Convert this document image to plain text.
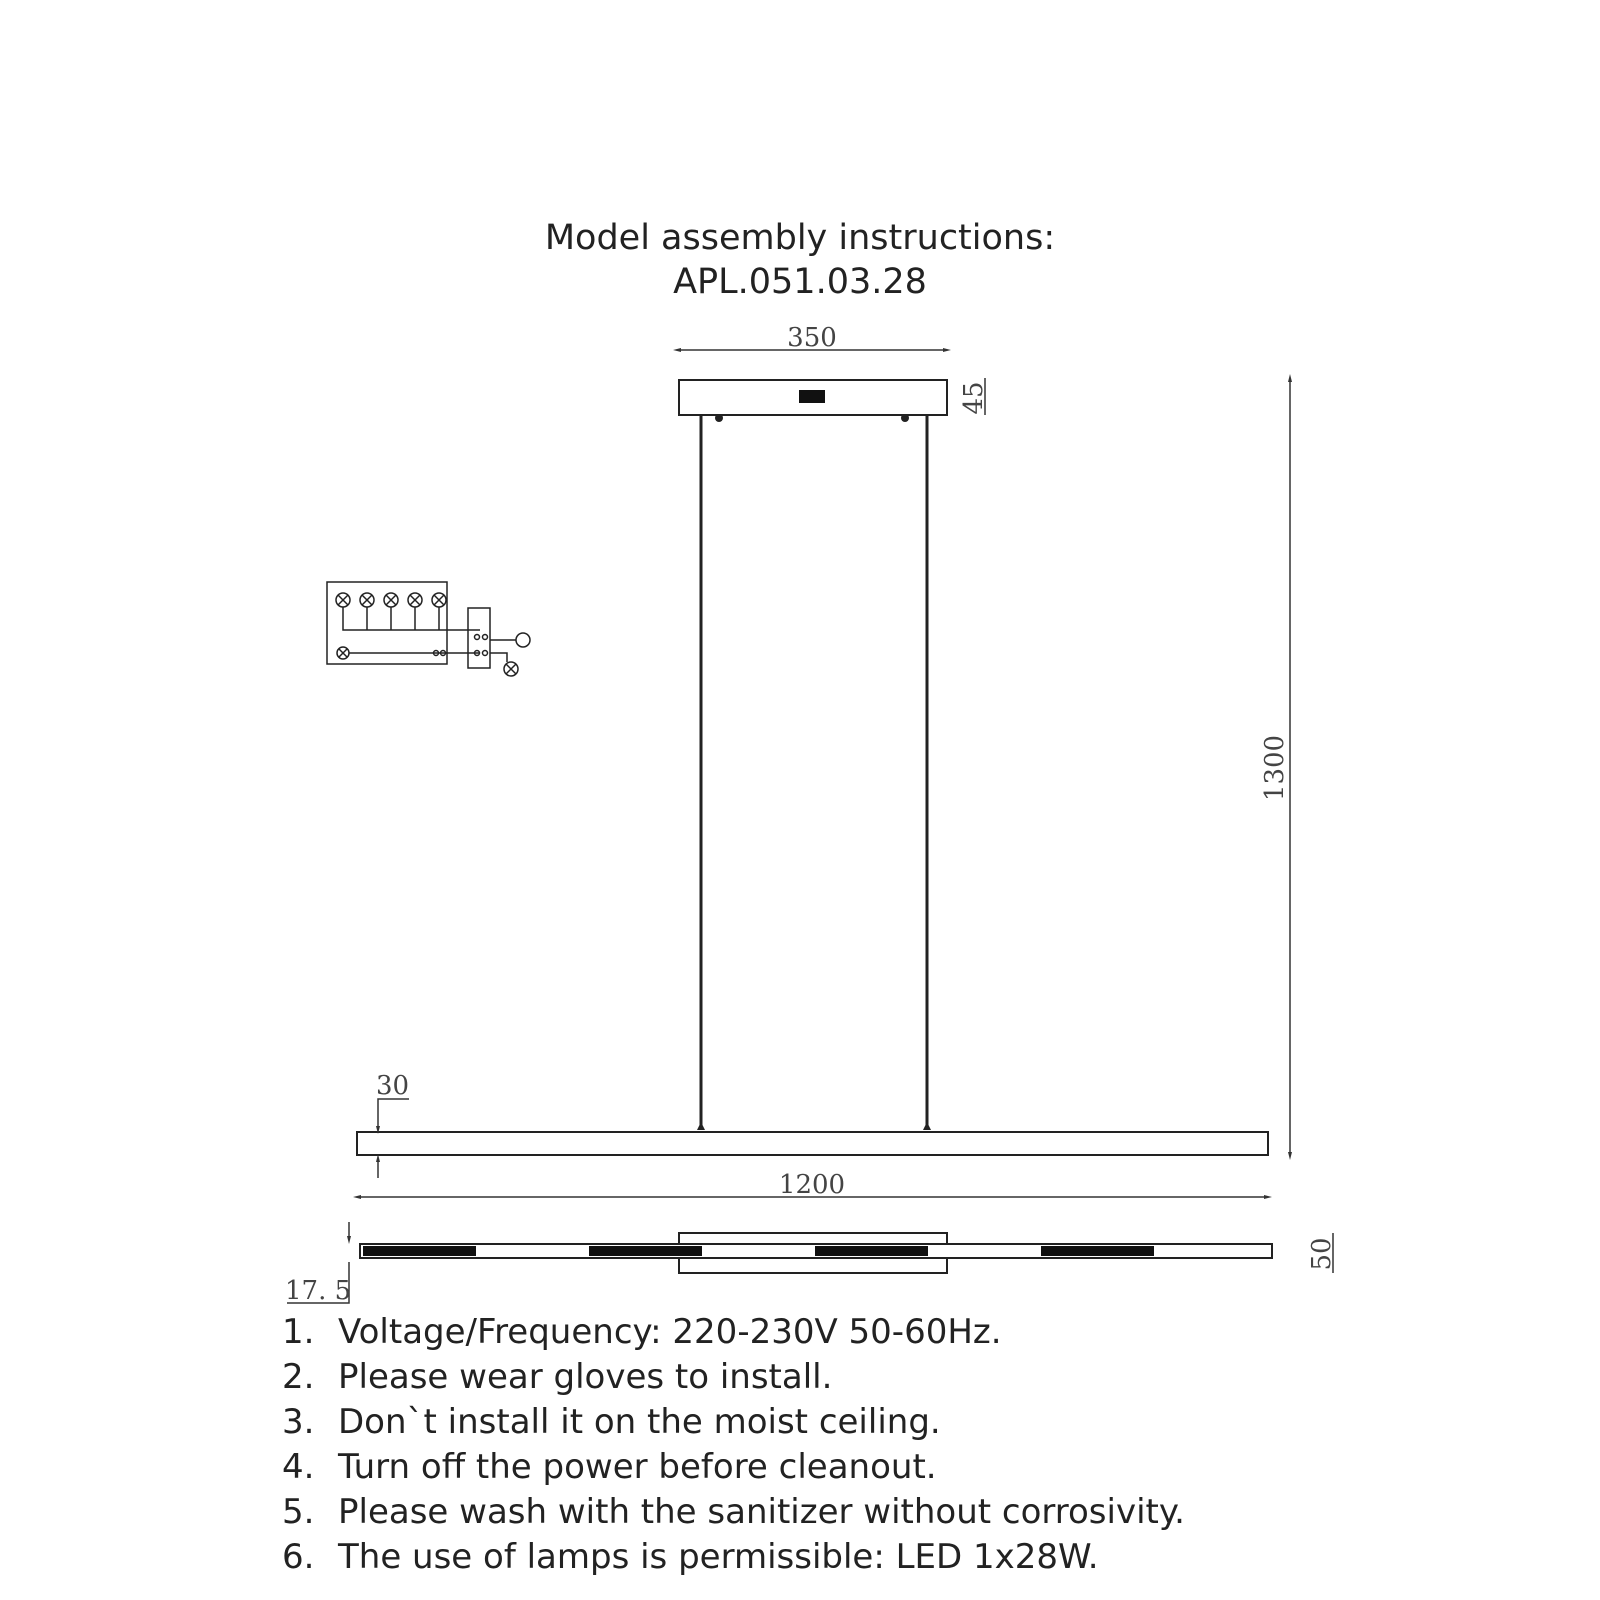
Model assembly instructions:
APL.051.03.28
350
45
1300
30
1200
50
17. 5
1. Voltage/Frequency: 220-230V 50-60Hz.
2. Please wear gloves to install.
3. Don`t install it on the moist ceiling.
4. Turn off the power before cleanout.
5. Please wash with the sanitizer without corrosivity.
6. The use of lamps is permissible: LED 1x28W.
